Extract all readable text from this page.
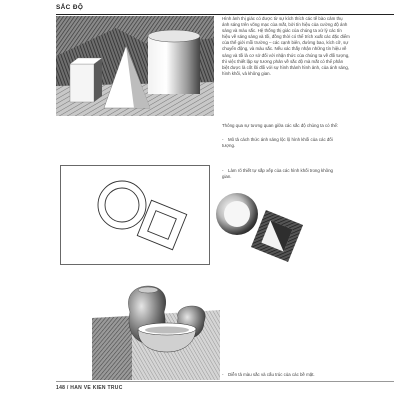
SẮC ĐỘ
Hình ảnh thị giác có được từ sự kích thích các tế bào cảm thụ ánh sáng trên võng mạc của mắt, bởi tín hiệu của cường độ ánh sáng và màu sắc. Hệ thống thị giác của chúng ta xử lý các tín hiệu về sáng sáng và tối, đồng thời có thể trích xuất các đặc điểm của thế giới mỗi trường – các cạnh biên, đường bao, kích cỡ, sự chuyển động, và màu sắc. Nếu xác thấy nhận những tín hiệu về sáng và tối là cơ sở đối với nhận thức của chúng ta về đối tượng, thì việc thiết lập sự tương phản về sắc độ mà mắt có thể phân biệt được là cốt lõi đối với sự hình thành hình ảnh, của ánh sáng, hình khối, và không gian.
Thông qua sự tương quan giữa các sắc độ chúng ta có thể:
- Mô tả cách thức ánh sáng lộc lộ hình khối của các đối tượng.
- Làm rõ thiết tự sắp xếp của các hình khối trong không gian.
- Diễn tả màu sắc và cấu trúc của các bề mặt.
148 / HAN VE KIEN TRUC
